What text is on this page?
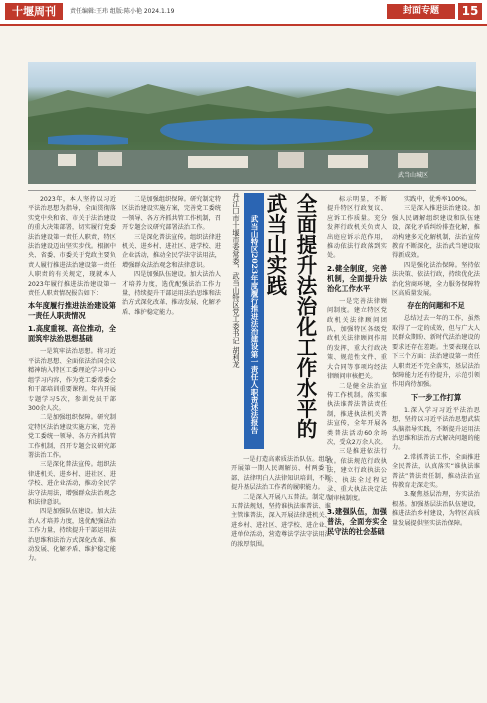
十堰周刊	责任编辑:王玮 组版:陈小艳 2024.1.19	封面专题	15
武当山城区

2023年，本人坚持以习近平法治思想为指导，全面贯彻落实党中央和省、市关于法治建设的重大决策部署，切实履行党委法治建设第一责任人职责，特区法治建设迈出坚实步伐。根据中央、省委、市委关于党政主要负责人履行推进法治建设第一责任人职责的有关规定，现就本人2023年履行推进法治建设第一责任人职责情况报告如下：

本年度履行推进法治建设第一责任人职责情况
1.高度重视、高位推动，全面筑牢法治思想基础

一是筑牢法治思想。将习近平法治思想、全面依法治国会议精神纳入特区工委理论学习中心组学习内容，作为党工委常委会和干部培训重要课程。年内开展专题学习5次，参训党员干部300余人次。

二是加强组织保障。研究制定特区法治建设实施方案，完善党工委统一领导、各方齐抓共管工作机制，召开专题会议研究部署法治工作。

三是深化普法宣传。组织法律进机关、进乡村、进社区、进学校、进企业活动，推动全民学法守法用法，增强群众法治观念和法律意识。

四是加强队伍建设。加大法治人才培养力度，选优配强法治工作力量，持续提升干部运用法治思维和法治方式深化改革、推动发展、化解矛盾、维护稳定能力。

二是加强组织保障。研究制定特区法治建设实施方案，完善党工委统一领导、各方齐抓共管工作机制，召开专题会议研究部署法治工作。

三是深化普法宣传。组织法律进机关、进乡村、进社区、进学校、进企业活动，推动全民学法守法用法，增强群众法治观念和法律意识。

四是加强队伍建设。加大法治人才培养力度，选优配强法治工作力量，持续提升干部运用法治思维和法治方式深化改革、推动发展、化解矛盾、维护稳定能力。	丹江口市十堰市委常委，武当山特区党工委书记 胡利龙	武当山特区2023年度履行推进法治建设第一责任人职责述法报告	全面提升法治化工作水平的武当山实践

一是打造高素质法治队伍。组织开展第一期人民调解员、村两委干部、法律明白人法律知识培训，不断提升基层法治工作者的履职能力。

二是深入开展八五普法。制定八五普法规划，坚持谁执法谁普法、谁主管谁普法，深入开展法律进机关、进乡村、进社区、进学校、进企业、进单位活动，营造尊法学法守法用法的浓厚氛围。

标示明显，不断提升特区行政复议、应诉工作质量。充分发挥行政机关负责人出庭应诉示范作用，推动依法行政落到实处。

2.健全制度，完善机制，全面提升法治化工作水平

一是完善法律顾问制度。建立特区党政机关法律顾问团队，加强特区各级党政机关法律顾问作用的发挥，重大行政决策、规范性文件、重大合同等事项均经法律顾问审核把关。

二是健全法治宣传工作机制。落实谁执法谁普法普法责任制，推进执法机关普法宣传，全年开展各类普法活动60余场次，受众2万余人次。

三是推进依法行政。依法规范行政执法，建立行政执法公示、执法全过程记录、重大执法决定法制审核制度。

3.建强队伍，加强普法，全面夯实全民守法的社会基础

实践中，优秀率100%。

三是深入推进法治建设。加强人民调解组织建设和队伍建设，深化矛盾纠纷排查化解，推动构建多元化解机制，法治宣传教育不断深化，法治武当建设取得新成效。

四是强化法治保障。坚持依法决策、依法行政，持续优化法治化营商环境，全力服务保障特区高质量发展。

存在的问题和不足

总结过去一年的工作，虽然取得了一定的成效，但与广大人民群众期盼、新时代法治建设的要求还存在差距。主要表现在以下三个方面：法治建设第一责任人职责还不完全落实，基层法治保障能力还有待提升，示范引领作用尚待加强。

下一步工作打算

1.深入学习习近平法治思想，坚持以习近平法治思想武装头脑指导实践，不断提升运用法治思维和法治方式解决问题的能力。

2.常抓普法工作，全面推进全民普法，认真落实“谁执法谁普法”普法责任制，推动法治宣传教育走深走实。

3.聚焦基层治理，夯实法治根基。加强基层法治队伍建设，推进法治乡村建设，为特区高质量发展提供坚实法治保障。
